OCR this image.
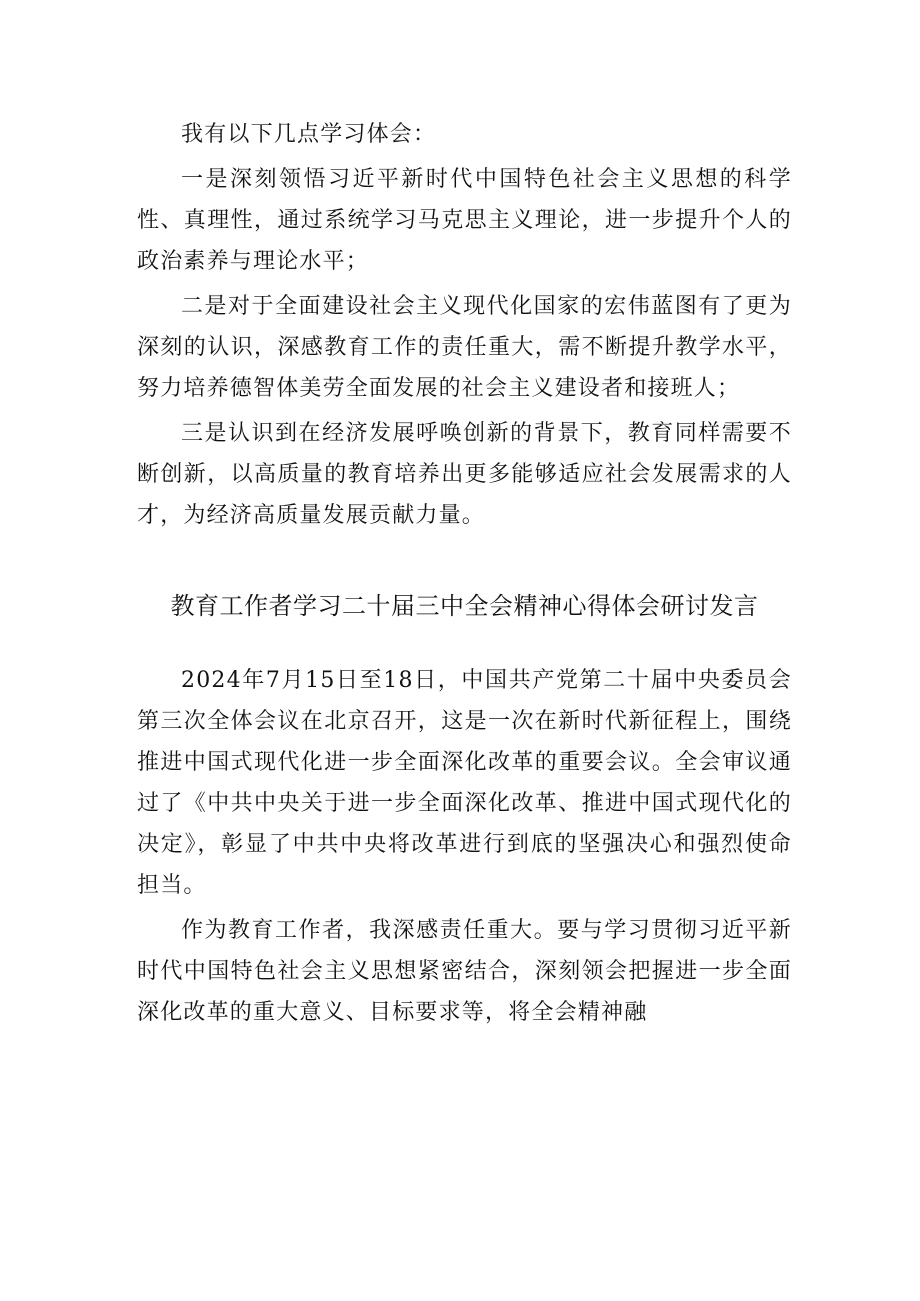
我有以下几点学习体会：

一是深刻领悟习近平新时代中国特色社会主义思想的科学性、真理性，通过系统学习马克思主义理论，进一步提升个人的政治素养与理论水平；

二是对于全面建设社会主义现代化国家的宏伟蓝图有了更为深刻的认识，深感教育工作的责任重大，需不断提升教学水平，努力培养德智体美劳全面发展的社会主义建设者和接班人；

三是认识到在经济发展呼唤创新的背景下，教育同样需要不断创新，以高质量的教育培养出更多能够适应社会发展需求的人才，为经济高质量发展贡献力量。

教育工作者学习二十届三中全会精神心得体会研讨发言

2024年7月15日至18日，中国共产党第二十届中央委员会第三次全体会议在北京召开，这是一次在新时代新征程上，围绕推进中国式现代化进一步全面深化改革的重要会议。全会审议通过了《中共中央关于进一步全面深化改革、推进中国式现代化的决定》，彰显了中共中央将改革进行到底的坚强决心和强烈使命担当。

作为教育工作者，我深感责任重大。要与学习贯彻习近平新时代中国特色社会主义思想紧密结合，深刻领会把握进一步全面深化改革的重大意义、目标要求等，将全会精神融
